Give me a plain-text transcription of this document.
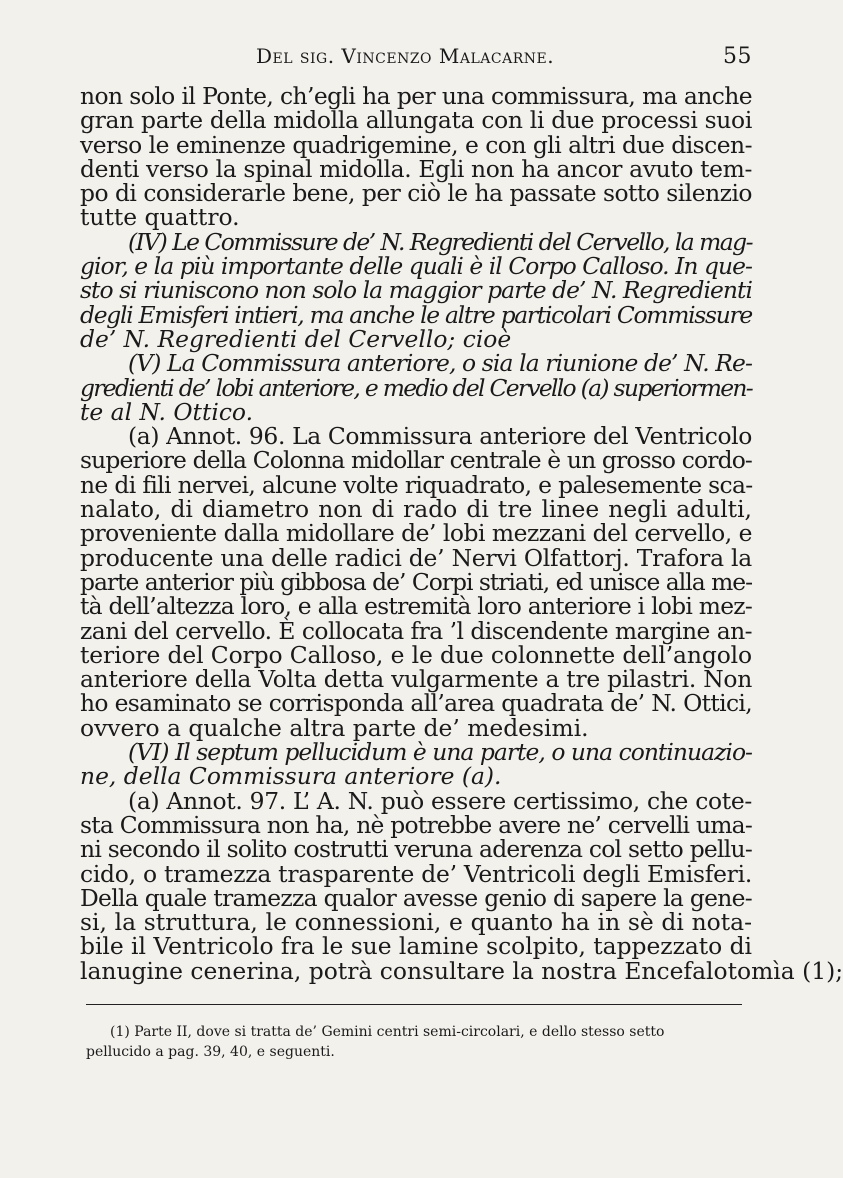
Del sig. Vincenzo Malacarne.	55
non solo il Ponte, ch’egli ha per una commissura, ma anche
gran parte della midolla allungata con li due processi suoi
verso le eminenze quadrigemine, e con gli altri due discen-
denti verso la spinal midolla. Egli non ha ancor avuto tem-
po di considerarle bene, per ciò le ha passate sotto silenzio
tutte quattro.
(IV) Le Commissure de’ N. Regredienti del Cervello, la mag-
gior, e la più importante delle quali è il Corpo Calloso. In que-
sto si riuniscono non solo la maggior parte de’ N. Regredienti
degli Emisferi intieri, ma anche le altre particolari Commissure
de’ N. Regredienti del Cervello; cioè
(V) La Commissura anteriore, o sia la riunione de’ N. Re-
gredienti de’ lobi anteriore, e medio del Cervello (a) superiormen-
te al N. Ottico.
(a) Annot. 96. La Commissura anteriore del Ventricolo
superiore della Colonna midollar centrale è un grosso cordo-
ne di fili nervei, alcune volte riquadrato, e palesemente sca-
nalato, di diametro non di rado di tre linee negli adulti,
proveniente dalla midollare de’ lobi mezzani del cervello, e
producente una delle radici de’ Nervi Olfattorj. Trafora la
parte anterior più gibbosa de’ Corpi striati, ed unisce alla me-
tà dell’altezza loro, e alla estremità loro anteriore i lobi mez-
zani del cervello. È collocata fra ’l discendente margine an-
teriore del Corpo Calloso, e le due colonnette dell’angolo
anteriore della Volta detta vulgarmente a tre pilastri. Non
ho esaminato se corrisponda all’area quadrata de’ N. Ottici,
ovvero a qualche altra parte de’ medesimi.
(VI) Il septum pellucidum è una parte, o una continuazio-
ne, della Commissura anteriore (a).
(a) Annot. 97. L’ A. N. può essere certissimo, che cote-
sta Commissura non ha, nè potrebbe avere ne’ cervelli uma-
ni secondo il solito costrutti veruna aderenza col setto pellu-
cido, o tramezza trasparente de’ Ventricoli degli Emisferi.
Della quale tramezza qualor avesse genio di sapere la gene-
si, la struttura, le connessioni, e quanto ha in sè di nota-
bile il Ventricolo fra le sue lamine scolpito, tappezzato di
lanugine cenerina, potrà consultare la nostra Encefalotomìa (1);
(1) Parte II, dove si tratta de’ Gemini centri semi-circolari, e dello stesso setto
pellucido a pag. 39, 40, e seguenti.
